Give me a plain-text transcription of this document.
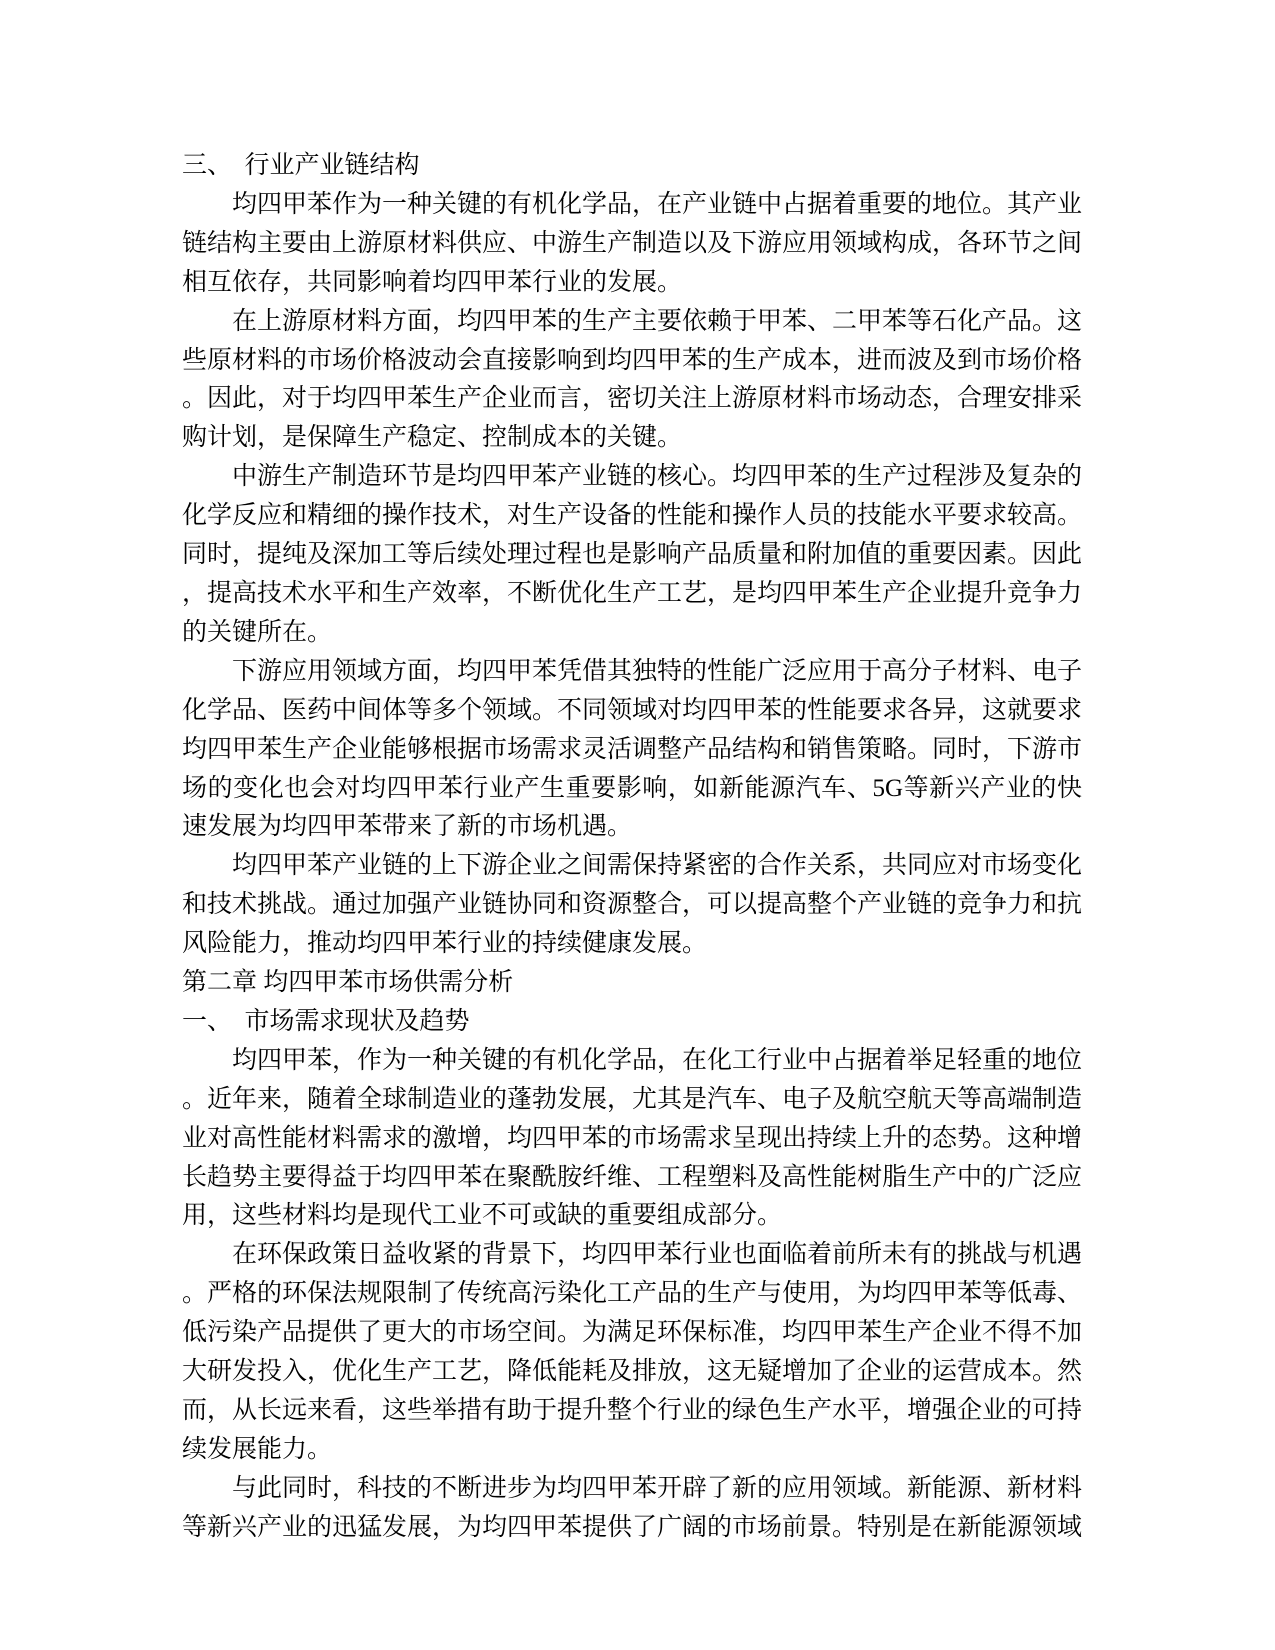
三、　行业产业链结构

均四甲苯作为一种关键的有机化学品，在产业链中占据着重要的地位。其产业链结构主要由上游原材料供应、中游生产制造以及下游应用领域构成，各环节之间相互依存，共同影响着均四甲苯行业的发展。

在上游原材料方面，均四甲苯的生产主要依赖于甲苯、二甲苯等石化产品。这些原材料的市场价格波动会直接影响到均四甲苯的生产成本，进而波及到市场价格。因此，对于均四甲苯生产企业而言，密切关注上游原材料市场动态，合理安排采购计划，是保障生产稳定、控制成本的关键。

中游生产制造环节是均四甲苯产业链的核心。均四甲苯的生产过程涉及复杂的化学反应和精细的操作技术，对生产设备的性能和操作人员的技能水平要求较高。同时，提纯及深加工等后续处理过程也是影响产品质量和附加值的重要因素。因此，提高技术水平和生产效率，不断优化生产工艺，是均四甲苯生产企业提升竞争力的关键所在。

下游应用领域方面，均四甲苯凭借其独特的性能广泛应用于高分子材料、电子化学品、医药中间体等多个领域。不同领域对均四甲苯的性能要求各异，这就要求均四甲苯生产企业能够根据市场需求灵活调整产品结构和销售策略。同时，下游市场的变化也会对均四甲苯行业产生重要影响，如新能源汽车、5G等新兴产业的快速发展为均四甲苯带来了新的市场机遇。

均四甲苯产业链的上下游企业之间需保持紧密的合作关系，共同应对市场变化和技术挑战。通过加强产业链协同和资源整合，可以提高整个产业链的竞争力和抗风险能力，推动均四甲苯行业的持续健康发展。

第二章 均四甲苯市场供需分析

一、　市场需求现状及趋势

均四甲苯，作为一种关键的有机化学品，在化工行业中占据着举足轻重的地位。近年来，随着全球制造业的蓬勃发展，尤其是汽车、电子及航空航天等高端制造业对高性能材料需求的激增，均四甲苯的市场需求呈现出持续上升的态势。这种增长趋势主要得益于均四甲苯在聚酰胺纤维、工程塑料及高性能树脂生产中的广泛应用，这些材料均是现代工业不可或缺的重要组成部分。

在环保政策日益收紧的背景下，均四甲苯行业也面临着前所未有的挑战与机遇。严格的环保法规限制了传统高污染化工产品的生产与使用，为均四甲苯等低毒、低污染产品提供了更大的市场空间。为满足环保标准，均四甲苯生产企业不得不加大研发投入，优化生产工艺，降低能耗及排放，这无疑增加了企业的运营成本。然而，从长远来看，这些举措有助于提升整个行业的绿色生产水平，增强企业的可持续发展能力。

与此同时，科技的不断进步为均四甲苯开辟了新的应用领域。新能源、新材料等新兴产业的迅猛发展，为均四甲苯提供了广阔的市场前景。特别是在新能源领域
